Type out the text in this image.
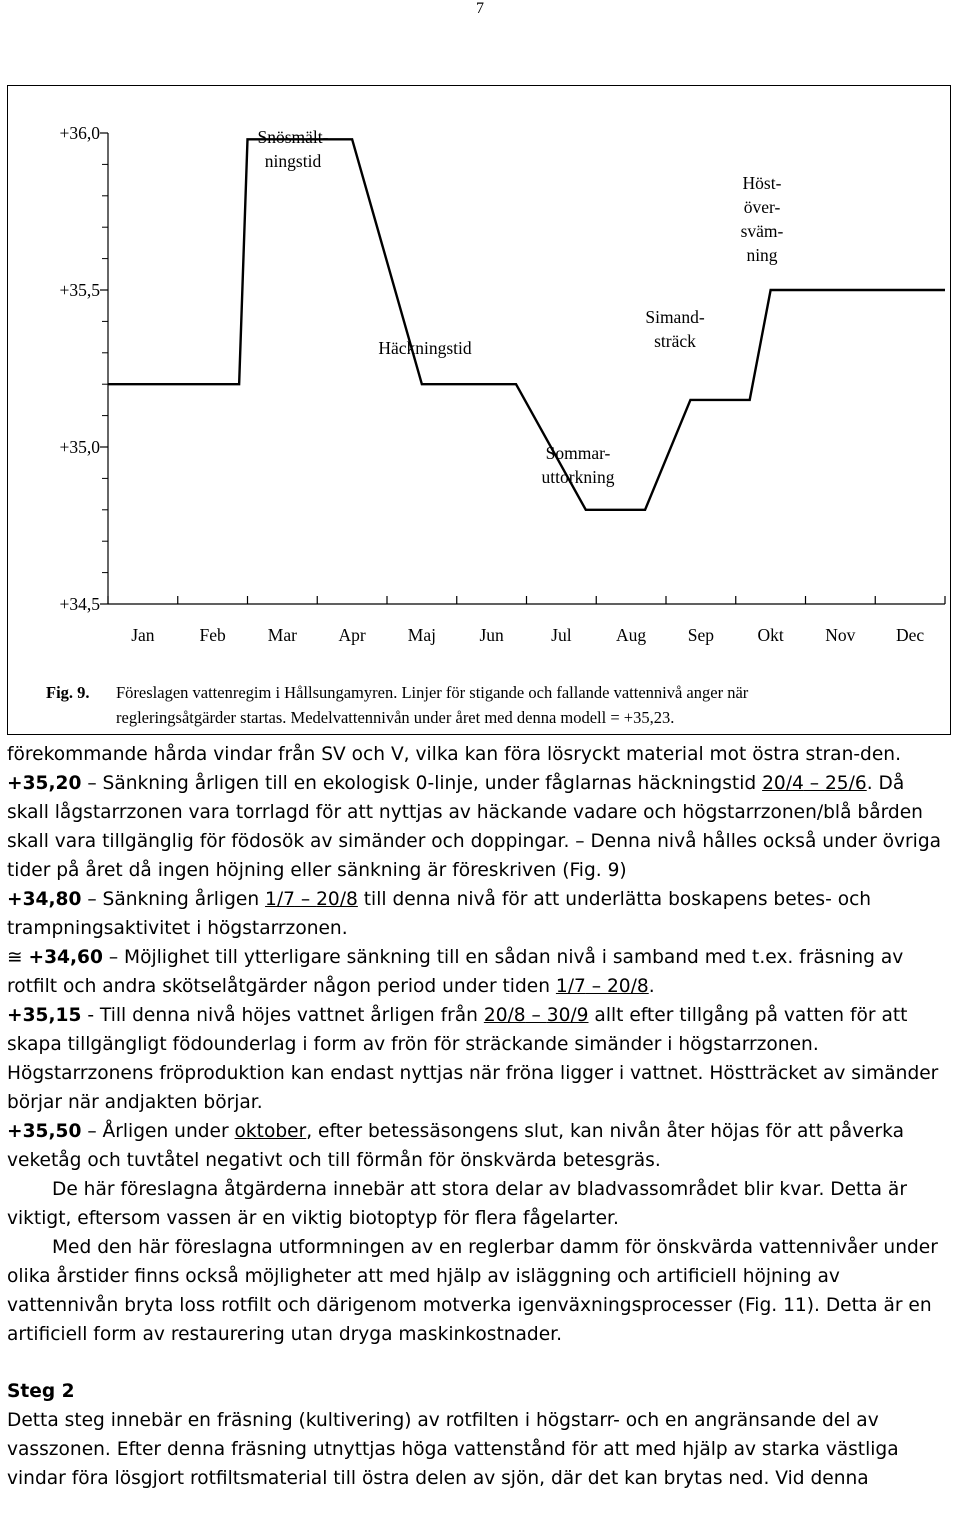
7
+36,0
+35,5
+35,0
+34,5
Jan	Feb Mar Apr Maj Jun	Jul	Aug Sep Okt Nov Dec
Snösmält-
ningstid
Häckningstid
Sommar-
uttorkning
Simand-
sträck
Höst-
över-
sväm-
ning
Fig. 9. Föreslagen vattenregim i Hållsungamyren. Linjer för stigande och fallande vattennivå anger när
regleringsåtgärder startas. Medelvattennivån under året med denna modell = +35,23.

förekommande hårda vindar från SV och V, vilka kan föra lösryckt material mot östra stran-den.

+35,20 – Sänkning årligen till en ekologisk 0-linje, under fåglarnas häckningstid 20/4 – 25/6. Då skall lågstarrzonen vara torrlagd för att nyttjas av häckande vadare och högstarrzonen/blå bården skall vara tillgänglig för födosök av simänder och doppingar. – Denna nivå hålles också under övriga tider på året då ingen höjning eller sänkning är föreskriven (Fig. 9)

+34,80 – Sänkning årligen 1/7 – 20/8 till denna nivå för att underlätta boskapens betes- och trampningsaktivitet i högstarrzonen.

≅ +34,60 – Möjlighet till ytterligare sänkning till en sådan nivå i samband med t.ex. fräsning av rotfilt och andra skötselåtgärder någon period under tiden 1/7 – 20/8.

+35,15 - Till denna nivå höjes vattnet årligen från 20/8 – 30/9 allt efter tillgång på vatten för att skapa tillgängligt födounderlag i form av frön för sträckande simänder i högstarrzonen. Högstarrzonens fröproduktion kan endast nyttjas när fröna ligger i vattnet. Höstträcket av simänder börjar när andjakten börjar.

+35,50 – Årligen under oktober, efter betessäsongens slut, kan nivån åter höjas för att påverka veketåg och tuvtåtel negativt och till förmån för önskvärda betesgräs.

De här föreslagna åtgärderna innebär att stora delar av bladvassområdet blir kvar. Detta är viktigt, eftersom vassen är en viktig biotoptyp för flera fågelarter.

Med den här föreslagna utformningen av en reglerbar damm för önskvärda vattennivåer under olika årstider finns också möjligheter att med hjälp av isläggning och artificiell höjning av vattennivån bryta loss rotfilt och därigenom motverka igenväxningsprocesser (Fig. 11). Detta är en artificiell form av restaurering utan dryga maskinkostnader.

Steg 2

Detta steg innebär en fräsning (kultivering) av rotfilten i högstarr- och en angränsande del av vasszonen. Efter denna fräsning utnyttjas höga vattenstånd för att med hjälp av starka västliga vindar föra lösgjort rotfiltsmaterial till östra delen av sjön, där det kan brytas ned. Vid denna
